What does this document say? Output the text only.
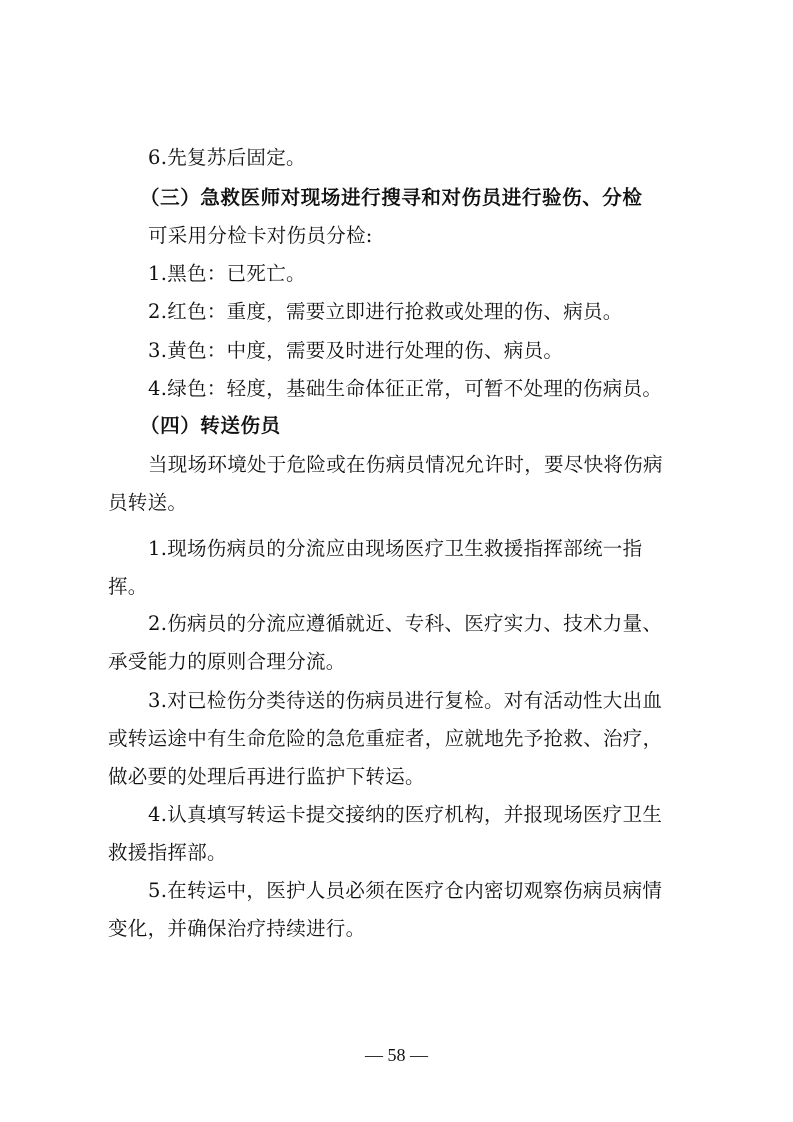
6.先复苏后固定。
（三）急救医师对现场进行搜寻和对伤员进行验伤、分检
可采用分检卡对伤员分检:
1.黑色：已死亡。
2.红色：重度，需要立即进行抢救或处理的伤、病员。
3.黄色：中度，需要及时进行处理的伤、病员。
4.绿色：轻度，基础生命体征正常，可暂不处理的伤病员。
（四）转送伤员
当现场环境处于危险或在伤病员情况允许时，要尽快将伤病
员转送。
1.现场伤病员的分流应由现场医疗卫生救援指挥部统一指
挥。
2.伤病员的分流应遵循就近、专科、医疗实力、技术力量、
承受能力的原则合理分流。
3.对已检伤分类待送的伤病员进行复检。对有活动性大出血
或转运途中有生命危险的急危重症者，应就地先予抢救、治疗，
做必要的处理后再进行监护下转运。
4.认真填写转运卡提交接纳的医疗机构，并报现场医疗卫生
救援指挥部。
5.在转运中，医护人员必须在医疗仓内密切观察伤病员病情
变化，并确保治疗持续进行。
— 58 —
